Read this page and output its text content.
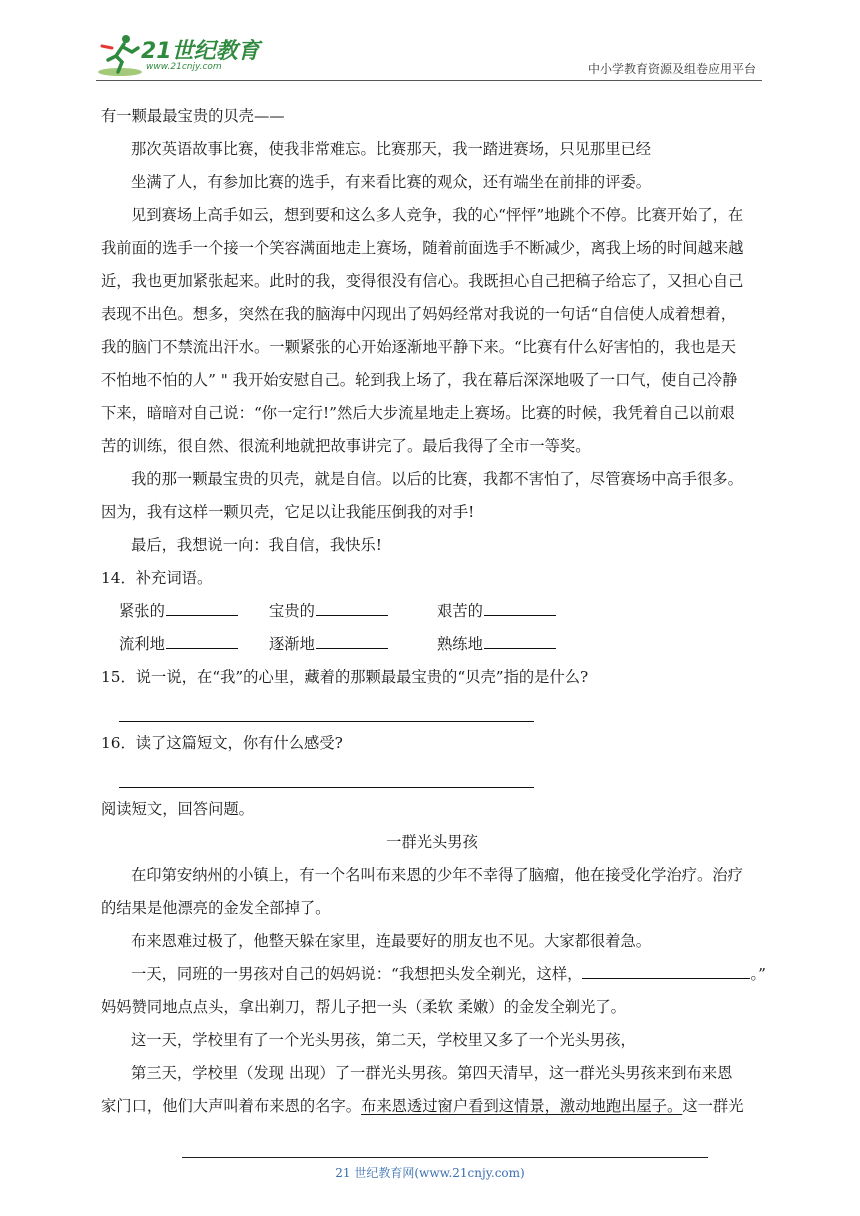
21世纪教育
www.21cnjy.com	中小学教育资源及组卷应用平台

有一颗最最宝贵的贝壳——

那次英语故事比赛，使我非常难忘。比赛那天，我一踏进赛场，只见那里已经

坐满了人，有参加比赛的选手，有来看比赛的观众，还有端坐在前排的评委。

见到赛场上高手如云，想到要和这么多人竞争，我的心“怦怦”地跳个不停。比赛开始了，在

我前面的选手一个接一个笑容满面地走上赛场，随着前面选手不断减少，离我上场的时间越来越

近，我也更加紧张起来。此时的我，变得很没有信心。我既担心自己把稿子给忘了，又担心自己

表现不出色。想多，突然在我的脑海中闪现出了妈妈经常对我说的一句话“自信使人成着想着，

我的脑门不禁流出汗水。一颗紧张的心开始逐渐地平静下来。“比赛有什么好害怕的，我也是天

不怕地不怕的人” " 我开始安慰自己。轮到我上场了，我在幕后深深地吸了一口气，使自己冷静

下来，暗暗对自己说：“你一定行!”然后大步流星地走上赛场。比赛的时候，我凭着自己以前艰

苦的训练，很自然、很流利地就把故事讲完了。最后我得了全市一等奖。

我的那一颗最宝贵的贝壳，就是自信。以后的比赛，我都不害怕了，尽管赛场中高手很多。

因为，我有这样一颗贝壳，它足以让我能压倒我的对手!

最后，我想说一向：我自信，我快乐!

14．补充词语。

紧张的	宝贵的	艰苦的
流利地	逐渐地	熟练地

15．说一说，在“我”的心里，藏着的那颗最最宝贵的“贝壳”指的是什么?

16．读了这篇短文，你有什么感受?

阅读短文，回答问题。

一群光头男孩

在印第安纳州的小镇上，有一个名叫布来恩的少年不幸得了脑瘤，他在接受化学治疗。治疗

的结果是他漂亮的金发全部掉了。

布来恩难过极了，他整天躲在家里，连最要好的朋友也不见。大家都很着急。

一天，同班的一男孩对自己的妈妈说：“我想把头发全剃光，这样，	。”

妈妈赞同地点点头，拿出剃刀，帮儿子把一头（柔软 柔嫩）的金发全剃光了。

这一天，学校里有了一个光头男孩，第二天，学校里又多了一个光头男孩，

第三天，学校里（发现 出现）了一群光头男孩。第四天清早，这一群光头男孩来到布来恩

家门口，他们大声叫着布来恩的名字。布来恩透过窗户看到这情景，激动地跑出屋子。这一群光

21 世纪教育网(www.21cnjy.com)
